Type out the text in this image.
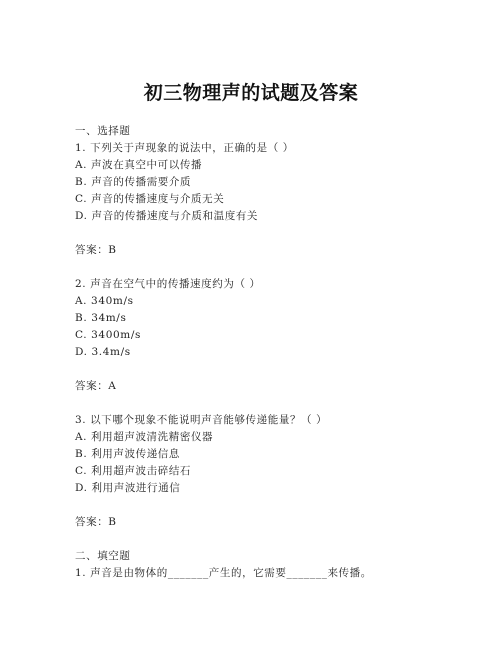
初三物理声的试题及答案
一、选择题
1. 下列关于声现象的说法中，正确的是（ ）
A. 声波在真空中可以传播
B. 声音的传播需要介质
C. 声音的传播速度与介质无关
D. 声音的传播速度与介质和温度有关
答案：B
2. 声音在空气中的传播速度约为（ ）
A. 340m/s
B. 34m/s
C. 3400m/s
D. 3.4m/s
答案：A
3. 以下哪个现象不能说明声音能够传递能量？（ ）
A. 利用超声波清洗精密仪器
B. 利用声波传递信息
C. 利用超声波击碎结石
D. 利用声波进行通信
答案：B
二、填空题
1. 声音是由物体的_______产生的，它需要_______来传播。
